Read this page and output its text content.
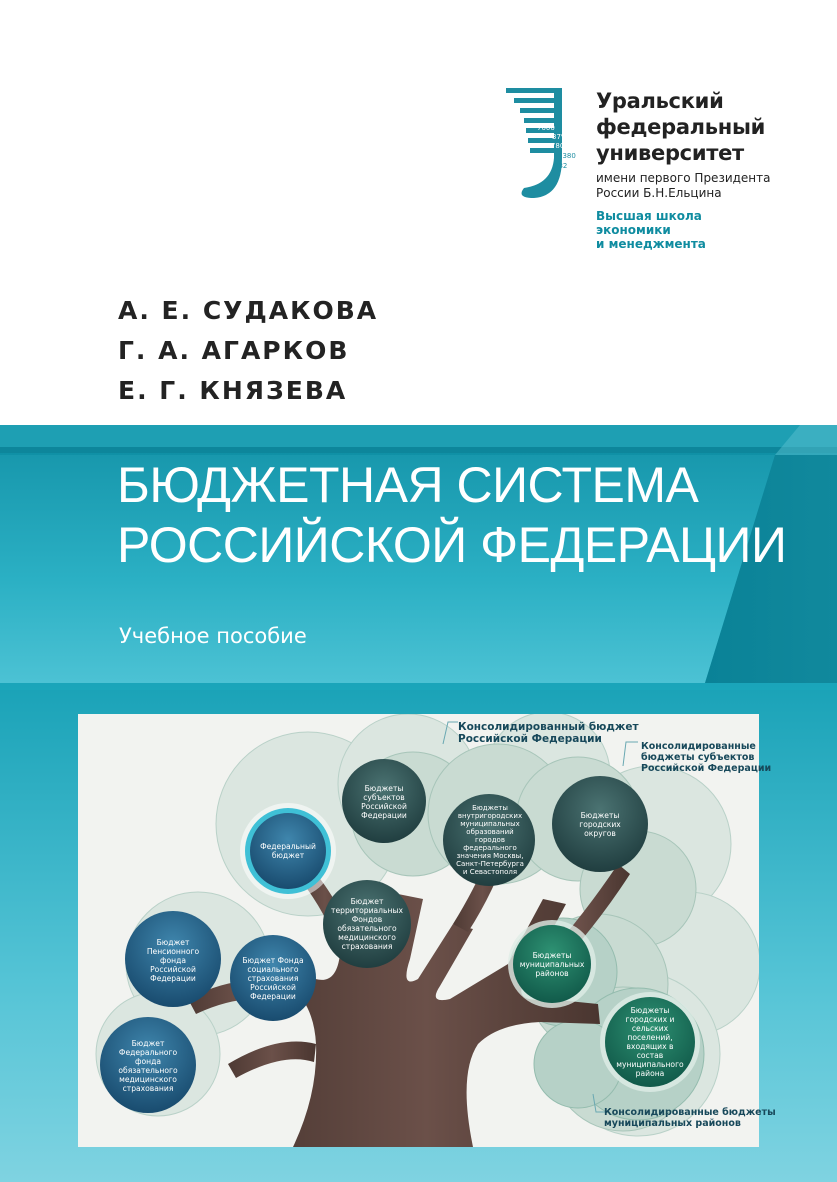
7000
37%
95780
7380
232
Уральский
федеральный
университет
имени первого Президента
России Б.Н.Ельцина
Высшая школа
экономики
и менеджмента
А. Е. СУДАКОВА
Г. А. АГАРКОВ
Е. Г. КНЯЗЕВА
БЮДЖЕТНАЯ СИСТЕМА
РОССИЙСКОЙ ФЕДЕРАЦИИ
Учебное пособие
Консолидированный бюджет
Российской Федерации
Консолидированные
бюджеты субъектов
Российской Федерации
Консолидированные бюджеты
муниципальных районов
Федеральный бюджет
Бюджеты субъектов Российской Федерации
Бюджеты внутригородских муниципальных образований городов федерального значения Москвы, Санкт-Петербурга и Севастополя
Бюджеты городских округов
Бюджет территориальных Фондов обязательного медицинского страхования
Бюджет Пенсионного фонда Российской Федерации
Бюджет Фонда социального страхования Российской Федерации
Бюджет Федерального фонда обязательного медицинского страхования
Бюджеты муниципальных районов
Бюджеты городских и сельских поселений, входящих в состав муниципального района
